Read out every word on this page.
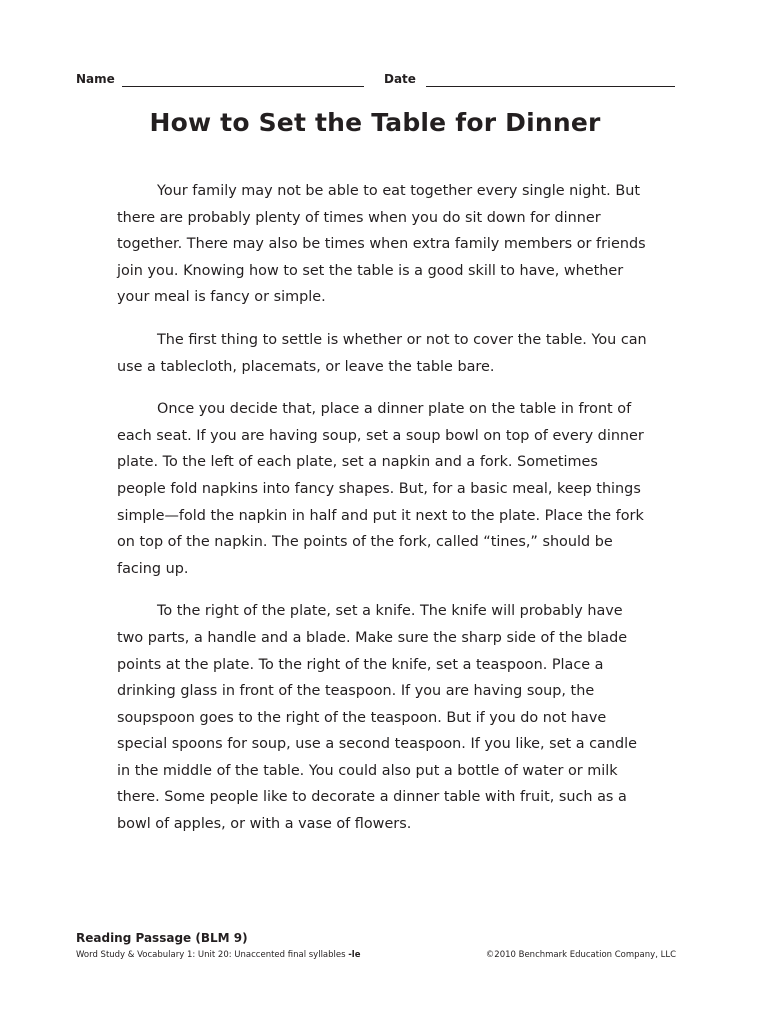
Name	Date
How to Set the Table for Dinner

Your family may not be able to eat together every single night. But there are probably plenty of times when you do sit down for dinner together. There may also be times when extra family members or friends join you. Knowing how to set the table is a good skill to have, whether your meal is fancy or simple.

The first thing to settle is whether or not to cover the table. You can use a tablecloth, placemats, or leave the table bare.

Once you decide that, place a dinner plate on the table in front of each seat. If you are having soup, set a soup bowl on top of every dinner plate. To the left of each plate, set a napkin and a fork. Sometimes people fold napkins into fancy shapes. But, for a basic meal, keep things simple—fold the napkin in half and put it next to the plate. Place the fork on top of the napkin. The points of the fork, called “tines,” should be facing up.

To the right of the plate, set a knife. The knife will probably have two parts, a handle and a blade. Make sure the sharp side of the blade points at the plate. To the right of the knife, set a teaspoon. Place a drinking glass in front of the teaspoon. If you are having soup, the soupspoon goes to the right of the teaspoon. But if you do not have special spoons for soup, use a second teaspoon. If you like, set a candle in the middle of the table. You could also put a bottle of water or milk there. Some people like to decorate a dinner table with fruit, such as a bowl of apples, or with a vase of flowers.

Reading Passage (BLM 9)
Word Study & Vocabulary 1: Unit 20: Unaccented final syllables -le	©2010 Benchmark Education Company, LLC
